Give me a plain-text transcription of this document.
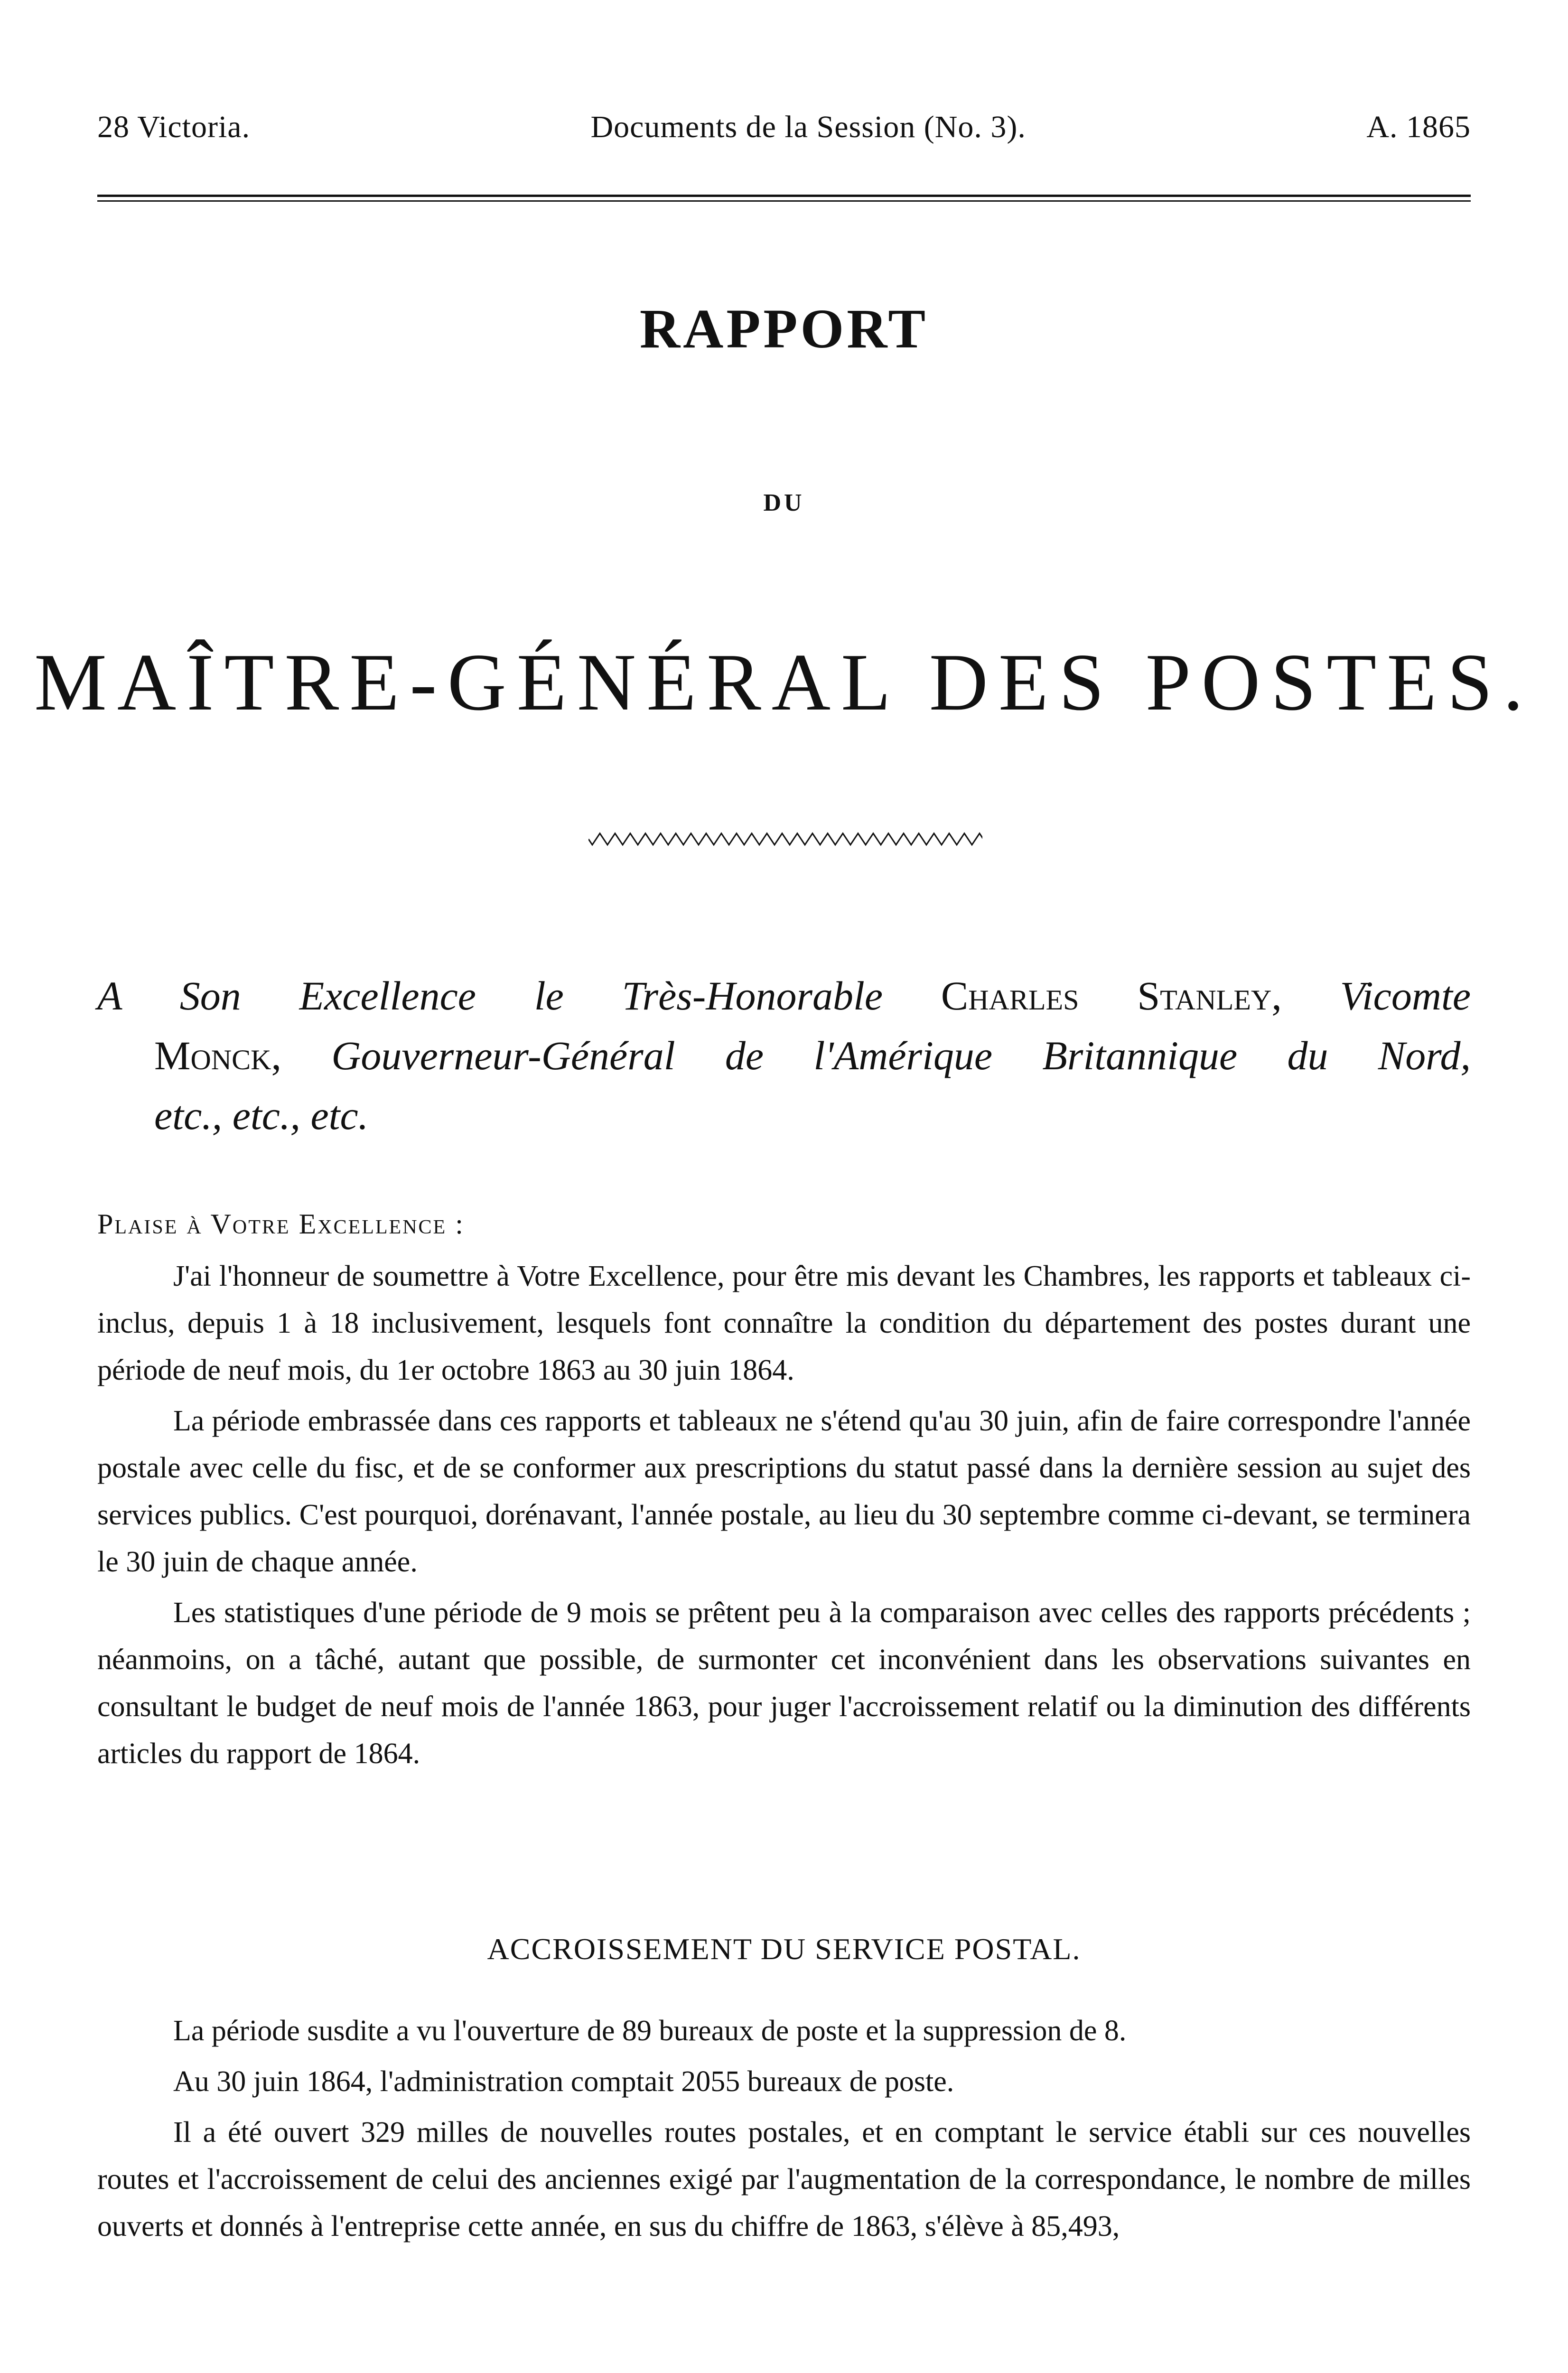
28 Victoria.	Documents de la Session (No. 3).	A. 1865
RAPPORT
DU
MAÎTRE-GÉNÉRAL DES POSTES.
A Son Excellence le Très-Honorable Charles Stanley, Vicomte
Monck, Gouverneur-Général de l'Amérique Britannique du Nord,
etc., etc., etc.
Plaise à Votre Excellence :

J'ai l'honneur de soumettre à Votre Excellence, pour être mis devant les Chambres, les rapports et tableaux ci-inclus, depuis 1 à 18 inclusivement, lesquels font connaître la condition du département des postes durant une période de neuf mois, du 1er octobre 1863 au 30 juin 1864.

La période embrassée dans ces rapports et tableaux ne s'étend qu'au 30 juin, afin de faire correspondre l'année postale avec celle du fisc, et de se conformer aux prescriptions du statut passé dans la dernière session au sujet des services publics. C'est pourquoi, dorénavant, l'année postale, au lieu du 30 septembre comme ci-devant, se terminera le 30 juin de chaque année.

Les statistiques d'une période de 9 mois se prêtent peu à la comparaison avec celles des rapports précédents ; néanmoins, on a tâché, autant que possible, de surmonter cet inconvénient dans les observations suivantes en consultant le budget de neuf mois de l'année 1863, pour juger l'accroissement relatif ou la diminution des différents articles du rapport de 1864.

ACCROISSEMENT DU SERVICE POSTAL.

La période susdite a vu l'ouverture de 89 bureaux de poste et la suppression de 8.

Au 30 juin 1864, l'administration comptait 2055 bureaux de poste.

Il a été ouvert 329 milles de nouvelles routes postales, et en comptant le service établi sur ces nouvelles routes et l'accroissement de celui des anciennes exigé par l'augmentation de la correspondance, le nombre de milles ouverts et donnés à l'entreprise cette année, en sus du chiffre de 1863, s'élève à 85,493,
